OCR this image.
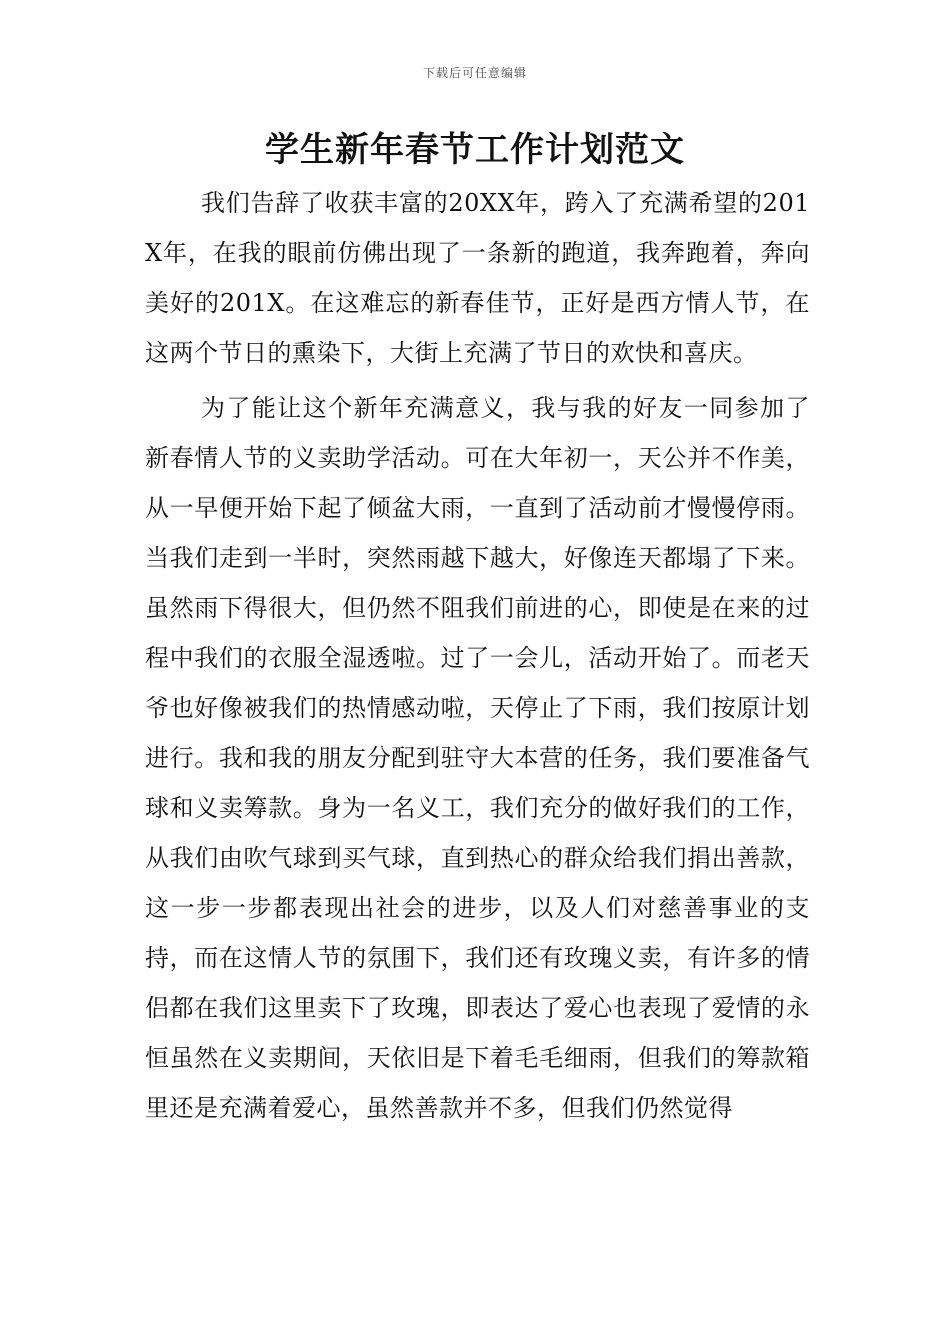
下载后可任意编辑
学生新年春节工作计划范文

我们告辞了收获丰富的20XX年，跨入了充满希望的201X年，在我的眼前仿佛出现了一条新的跑道，我奔跑着，奔向美好的201X。在这难忘的新春佳节，正好是西方情人节，在这两个节日的熏染下，大街上充满了节日的欢快和喜庆。

为了能让这个新年充满意义，我与我的好友一同参加了新春情人节的义卖助学活动。可在大年初一，天公并不作美，从一早便开始下起了倾盆大雨，一直到了活动前才慢慢停雨。当我们走到一半时，突然雨越下越大，好像连天都塌了下来。虽然雨下得很大，但仍然不阻我们前进的心，即使是在来的过程中我们的衣服全湿透啦。过了一会儿，活动开始了。而老天爷也好像被我们的热情感动啦，天停止了下雨，我们按原计划进行。我和我的朋友分配到驻守大本营的任务，我们要准备气球和义卖筹款。身为一名义工，我们充分的做好我们的工作，从我们由吹气球到买气球，直到热心的群众给我们捐出善款，这一步一步都表现出社会的进步，以及人们对慈善事业的支持，而在这情人节的氛围下，我们还有玫瑰义卖，有许多的情侣都在我们这里卖下了玫瑰，即表达了爱心也表现了爱情的永恒虽然在义卖期间，天依旧是下着毛毛细雨，但我们的筹款箱里还是充满着爱心，虽然善款并不多，但我们仍然觉得
